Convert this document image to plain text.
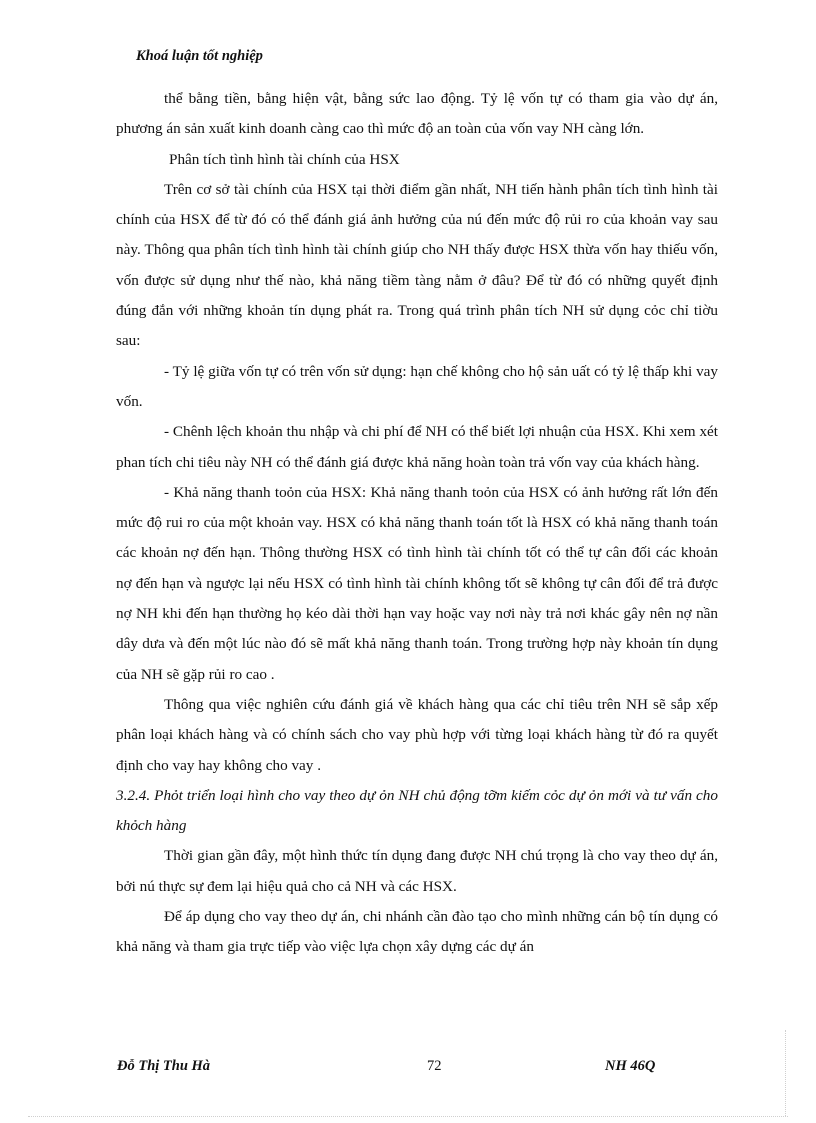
Khoá luận tốt nghiệp

thể bằng tiền, bằng hiện vật, bằng sức lao động. Tỷ lệ vốn tự có tham gia vào dự án, phương án sản xuất kinh doanh càng cao thì mức độ an toàn của vốn vay NH càng lớn.

Phân tích tình hình tài chính của HSX

Trên cơ sở tài chính của HSX tại thời điểm gần nhất, NH tiến hành phân tích tình hình tài chính của HSX để từ đó có thể đánh giá ảnh hưởng của nú đến mức độ rủi ro của khoản vay sau này. Thông qua phân tích tình hình tài chính giúp cho NH thấy được HSX thừa vốn hay thiếu vốn, vốn được sử dụng như thế nào, khả năng tiềm tàng nằm ở đâu? Để từ đó có những quyết định đúng đắn với những khoản tín dụng phát ra. Trong quá trình phân tích NH sử dụng cỏc chỉ tiờu sau:

- Tỷ lệ giữa vốn tự có trên vốn sử dụng: hạn chế không cho hộ sản uất có tỷ lệ thấp khi vay vốn.

- Chênh lệch khoản thu nhập và chi phí để NH có thể biết lợi nhuận của HSX. Khi xem xét phan tích chi tiêu này NH có thể đánh giá được khả năng hoàn toàn trả vốn vay của khách hàng.

- Khả năng thanh toỏn của HSX: Khả năng thanh toỏn của HSX có ảnh hưởng rất lớn đến mức độ rui ro của một khoản vay. HSX có khả năng thanh toán tốt là HSX có khả năng thanh toán các khoản nợ đến hạn. Thông thường HSX có tình hình tài chính tốt có thể tự cân đối các khoản nợ đến hạn và ngược lại nếu HSX có tình hình tài chính không tốt sẽ không tự cân đối để trả được nợ NH khi đến hạn thường họ kéo dài thời hạn vay hoặc vay nơi này trả nơi khác gây nên nợ nần dây dưa và đến một lúc nào đó sẽ mất khả năng thanh toán. Trong trường hợp này khoản tín dụng của NH sẽ gặp rủi ro cao .

Thông qua việc nghiên cứu đánh giá về khách hàng qua các chỉ tiêu trên NH sẽ sắp xếp phân loại khách hàng và có chính sách cho vay phù hợp với từng loại khách hàng từ đó ra quyết định cho vay hay không cho vay .

3.2.4. Phỏt triển loại hình cho vay theo dự ỏn NH chủ động tỡm kiếm cỏc dự ỏn mới và tư vấn cho khỏch hàng

Thời gian gần đây, một hình thức tín dụng đang được NH chú trọng là cho vay theo dự án, bởi nú thực sự đem lại hiệu quả cho cả NH và các HSX.

Để áp dụng cho vay theo dự án, chi nhánh cần đào tạo cho mình những cán bộ tín dụng có khả năng và tham gia trực tiếp vào việc lựa chọn xây dựng các dự án

Đỗ Thị Thu Hà	72	NH 46Q
